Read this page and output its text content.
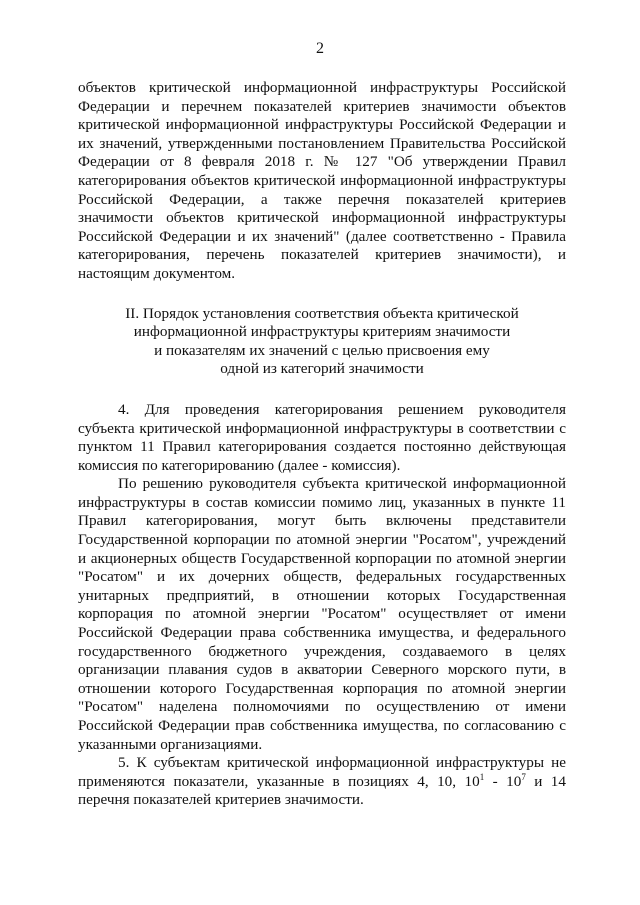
2

объектов критической информационной инфраструктуры Российской Федерации и перечнем показателей критериев значимости объектов критической информационной инфраструктуры Российской Федерации и их значений, утвержденными постановлением Правительства Российской Федерации от 8 февраля 2018 г. № 127 "Об утверждении Правил категорирования объектов критической информационной инфраструктуры Российской Федерации, а также перечня показателей критериев значимости объектов критической информационной инфраструктуры Российской Федерации и их значений" (далее соответственно - Правила категорирования, перечень показателей критериев значимости), и настоящим документом.

II. Порядок установления соответствия объекта критической
информационной инфраструктуры критериям значимости
и показателям их значений с целью присвоения ему
одной из категорий значимости

4. Для проведения категорирования решением руководителя субъекта критической информационной инфраструктуры в соответствии с пунктом 11 Правил категорирования создается постоянно действующая комиссия по категорированию (далее - комиссия).

По решению руководителя субъекта критической информационной инфраструктуры в состав комиссии помимо лиц, указанных в пункте 11 Правил категорирования, могут быть включены представители Государственной корпорации по атомной энергии "Росатом", учреждений и акционерных обществ Государственной корпорации по атомной энергии "Росатом" и их дочерних обществ, федеральных государственных унитарных предприятий, в отношении которых Государственная корпорация по атомной энергии "Росатом" осуществляет от имени Российской Федерации права собственника имущества, и федерального государственного бюджетного учреждения, создаваемого в целях организации плавания судов в акватории Северного морского пути, в отношении которого Государственная корпорация по атомной энергии "Росатом" наделена полномочиями по осуществлению от имени Российской Федерации прав собственника имущества, по согласованию с указанными организациями.

5. К субъектам критической информационной инфраструктуры не применяются показатели, указанные в позициях 4, 10, $10^1 - 10^7$ и 14 перечня показателей критериев значимости.
